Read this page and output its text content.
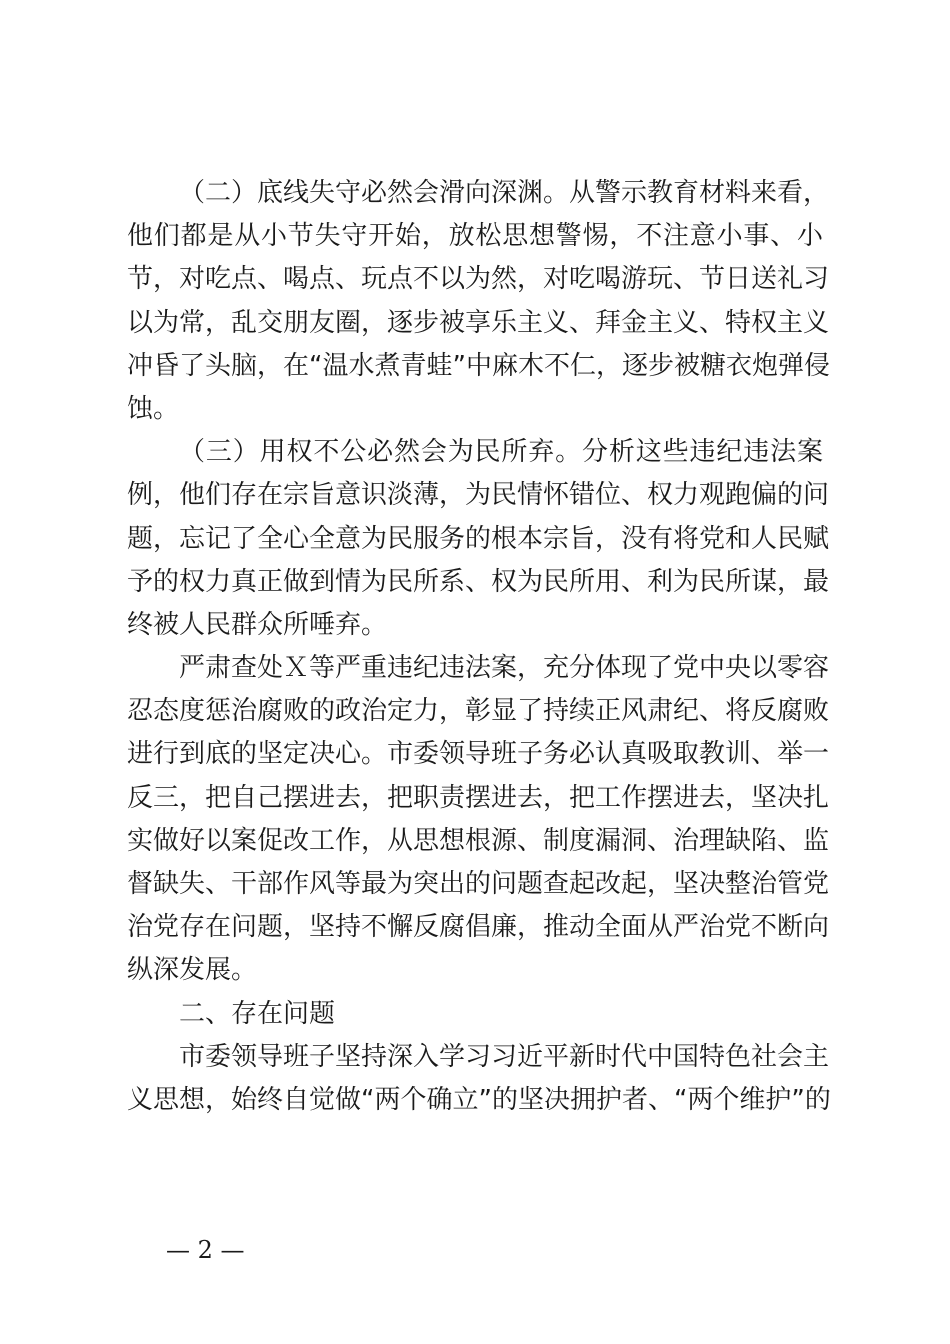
（二）底线失守必然会滑向深渊。从警示教育材料来看，
他们都是从小节失守开始，放松思想警惕，不注意小事、小
节，对吃点、喝点、玩点不以为然，对吃喝游玩、节日送礼习
以为常，乱交朋友圈，逐步被享乐主义、拜金主义、特权主义
冲昏了头脑，在“温水煮青蛙”中麻木不仁，逐步被糖衣炮弹侵
蚀。
（三）用权不公必然会为民所弃。分析这些违纪违法案
例，他们存在宗旨意识淡薄，为民情怀错位、权力观跑偏的问
题，忘记了全心全意为民服务的根本宗旨，没有将党和人民赋
予的权力真正做到情为民所系、权为民所用、利为民所谋，最
终被人民群众所唾弃。
严肃查处Ｘ等严重违纪违法案，充分体现了党中央以零容
忍态度惩治腐败的政治定力，彰显了持续正风肃纪、将反腐败
进行到底的坚定决心。市委领导班子务必认真吸取教训、举一
反三，把自己摆进去，把职责摆进去，把工作摆进去，坚决扎
实做好以案促改工作，从思想根源、制度漏洞、治理缺陷、监
督缺失、干部作风等最为突出的问题查起改起，坚决整治管党
治党存在问题，坚持不懈反腐倡廉，推动全面从严治党不断向
纵深发展。
二、存在问题
市委领导班子坚持深入学习习近平新时代中国特色社会主
义思想，始终自觉做“两个确立”的坚决拥护者、“两个维护”的
— 2 —
